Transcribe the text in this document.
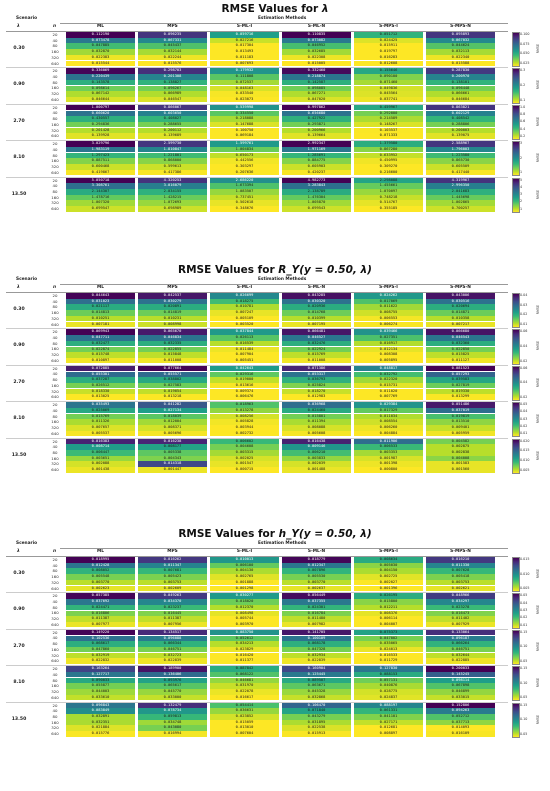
RMSE Values for λ
Scenario	Estimation Methods
λ	n	ML	MPS	S-ML-I	S-ML-N	S-MPS-I	S-MPS-N
0.30
20	0.112190	0.096235	0.059716	0.110835	0.051712	0.095893
40	0.073478	0.067331	0.027216	0.073082	0.024425	0.067032
80	0.047885	0.045437	0.017304	0.046952	0.015911	0.044624
160	0.032870	0.032144	0.013493	0.032685	0.019797	0.032113
320	0.022383	0.022244	0.011183	0.022308	0.016283	0.022340
640	0.015544	0.015576	0.007693	0.015005	0.012608	0.015588
0.100
0.075
0.050
0.025
RMSE
0.90
20	0.336069	0.298703	0.179932	0.332460	0.155646	0.287830
40	0.220439	0.201308	0.111808	0.218874	0.090100	0.200970
80	0.143578	0.138827	0.072537	0.142587	0.071460	0.138101
160	0.098614	0.096267	0.048163	0.098085	0.049836	0.096448
320	0.067142	0.066989	0.033540	0.067271	0.045564	0.066661
640	0.046644	0.046547	0.023073	0.047020	0.037741	0.046684
0.3
0.2
0.1
RMSE
2.70
20	1.000797	0.866067	0.539998	0.997862	0.459967	0.863821
40	0.660620	0.603650	0.334550	0.656680	0.292000	0.602129
80	0.430557	0.408027	0.218088	0.427922	0.214589	0.408542
160	0.294836	0.288655	0.147688	0.293871	0.148267	0.288806
320	0.201428	0.200112	0.100750	0.200966	0.103537	0.200003
640	0.139928	0.139689	0.069184	0.139664	0.071333	0.139075
1.0
0.8
0.6
0.4
0.2
RMSE
8.10
20	3.029796	2.599730	1.599761	2.992347	1.379580	2.588967
40	1.983119	1.810847	1.004834	1.971169	0.867280	1.796003
80	1.297423	1.221801	0.650173	1.285691	0.633952	1.223580
160	0.887511	0.868000	0.442556	0.884775	0.450995	0.865730
320	0.600468	0.599613	0.303297	0.605903	0.309270	0.605509
640	0.419867	0.417386	0.207636	0.420237	0.216600	0.417440
3
2
1
RMSE
13.50
20	5.050718	4.320253	2.686220	4.982773	2.298088	4.319967
40	3.308761	3.016079	1.673394	3.283843	1.455661	2.996350
80	2.144307	2.034155	1.083507	2.138789	1.070097	2.041683
160	1.478716	1.428215	0.737451	1.476304	0.748218	1.445698
320	1.007320	1.072693	0.502618	1.005870	0.514767	1.002865
640	0.699547	0.698989	0.348676	0.699543	0.355185	0.700257
5
4
3
2
1
RMSE
RMSE Values for R_Y(y = 0.50, λ)
Scenario	Estimation Methods
λ	n	ML	MPS	S-ML-I	S-ML-N	S-MPS-I	S-MPS-N
0.30
20	0.044643	0.042537	0.026699	0.043285	0.024262	0.043006
40	0.031023	0.030279	0.018275	0.030320	0.017069	0.030516
80	0.021117	0.020891	0.010781	0.020936	0.011622	0.020694
160	0.014813	0.014819	0.007247	0.014768	0.008755	0.014871
320	0.010251	0.010231	0.005109	0.010399	0.006553	0.010358
640	0.007181	0.008998	0.003520	0.007195	0.006274	0.007217
0.04
0.03
0.02
0.01
RMSE
0.90
20	0.069943	0.065670	0.037844	0.066481	0.039466	0.066680
40	0.047711	0.046834	0.026113	0.046527	0.027351	0.046543
80	0.032477	0.032335	0.016539	0.032476	0.016917	0.032360
160	0.022874	0.022855	0.011484	0.022924	0.012134	0.022850
320	0.015748	0.015848	0.007904	0.015769	0.008308	0.015825
640	0.010897	0.011008	0.005451	0.011008	0.005895	0.011127
0.06
0.04
0.02
RMSE
2.70
20	0.072885	0.077664	0.042643	0.071386	0.048817	0.081523
40	0.055301	0.055571	0.029316	0.053317	0.032792	0.057293
80	0.037287	0.038802	0.019000	0.036793	0.022320	0.039583
160	0.026512	0.027583	0.013616	0.025824	0.015731	0.027819
320	0.018330	0.019054	0.009374	0.018270	0.011020	0.019330
640	0.013025	0.013218	0.006476	0.012983	0.007769	0.013299
0.06
0.04
0.02
RMSE
8.10
20	0.035493	0.041282	0.018963	0.036968	0.029384	0.051486
40	0.025069	0.027134	0.013278	0.024460	0.017329	0.037019
80	0.015769	0.018039	0.008256	0.015801	0.011034	0.019819
160	0.011326	0.012004	0.005828	0.011394	0.008554	0.013510
320	0.007657	0.008371	0.003944	0.008088	0.006260	0.009401
640	0.005537	0.005696	0.002732	0.005608	0.004884	0.005959
0.05
0.04
0.03
0.02
0.01
RMSE
13.50
20	0.016383	0.016238	0.006602	0.016438	0.011906	0.004582
40	0.008714	0.008177	0.004608	0.009146	0.006533	0.002875
80	0.006447	0.005338	0.003315	0.006210	0.003353	0.002838
160	0.003651	0.004343	0.002025	0.003833	0.001987	0.004008
320	0.002088	0.014318	0.001547	0.002039	0.001398	0.001583
640	0.001438	0.001447	0.000715	0.001488	0.000800	0.001560
0.020
0.015
0.010
0.005
RMSE
RMSE Values for h_Y(y = 0.50, λ)
Scenario	Estimation Methods
λ	n	ML	MPS	S-ML-I	S-ML-N	S-MPS-I	S-MPS-N
0.30
20	0.018995	0.016262	0.010013	0.018779	0.008634	0.016210
40	0.012428	0.011347	0.006100	0.012347	0.005030	0.011330
80	0.008052	0.007681	0.004130	0.007896	0.004150	0.007628
160	0.005548	0.005423	0.002765	0.005530	0.002725	0.005418
320	0.003770	0.003753	0.001888	0.003770	0.002027	0.003753
640	0.002623	0.002609	0.001298	0.002637	0.001396	0.002621
0.015
0.010
0.005
RMSE
0.90
20	0.057385	0.049263	0.030277	0.056449	0.026195	0.048966
40	0.037692	0.034370	0.018020	0.037355	0.015800	0.034297
80	0.024471	0.023237	0.012370	0.024301	0.012211	0.023278
160	0.016806	0.016445	0.008498	0.016784	0.008376	0.016473
320	0.011387	0.011387	0.005744	0.011480	0.006114	0.011402
640	0.007977	0.007956	0.003970	0.007982	0.004007	0.007929
0.05
0.04
0.03
0.02
0.01
RMSE
2.70
20	0.149220	0.134517	0.083750	0.141705	0.075373	0.133064
40	0.102536	0.096088	0.052612	0.100109	0.047002	0.096187
80	0.068617	0.066344	0.034213	0.068178	0.035065	0.066264
160	0.047860	0.046751	0.023829	0.047328	0.024013	0.046751
320	0.032919	0.032723	0.016420	0.032934	0.016533	0.032644
640	0.022832	0.022839	0.011377	0.022839	0.011729	0.022885
0.15
0.10
0.05
RMSE
8.10
20	0.163264	0.189900	0.087842	0.160904	0.127830	0.200033
40	0.127717	0.136406	0.068122	0.125445	0.088153	0.145245
80	0.090033	0.093976	0.046681	0.089507	0.057131	0.098114
160	0.055877	0.065617	0.031970	0.063671	0.040876	0.067898
320	0.044003	0.045770	0.022078	0.045328	0.028775	0.046899
640	0.033610	0.033000	0.016617	0.032868	0.024837	0.033015
0.15
0.10
0.05
RMSE
13.50
20	0.096843	0.132479	0.054414	0.106470	0.088197	0.152806
40	0.083849	0.078734	0.036631	0.071840	0.061331	0.094263
80	0.032891	0.059813	0.023852	0.043279	0.041101	0.052712
160	0.032351	0.034748	0.015059	0.031895	0.027171	0.037713
320	0.021884	0.043080	0.013010	0.022538	0.012681	0.014093
640	0.015776	0.016994	0.007604	0.015913	0.008897	0.016109
0.15
0.10
0.05
RMSE
